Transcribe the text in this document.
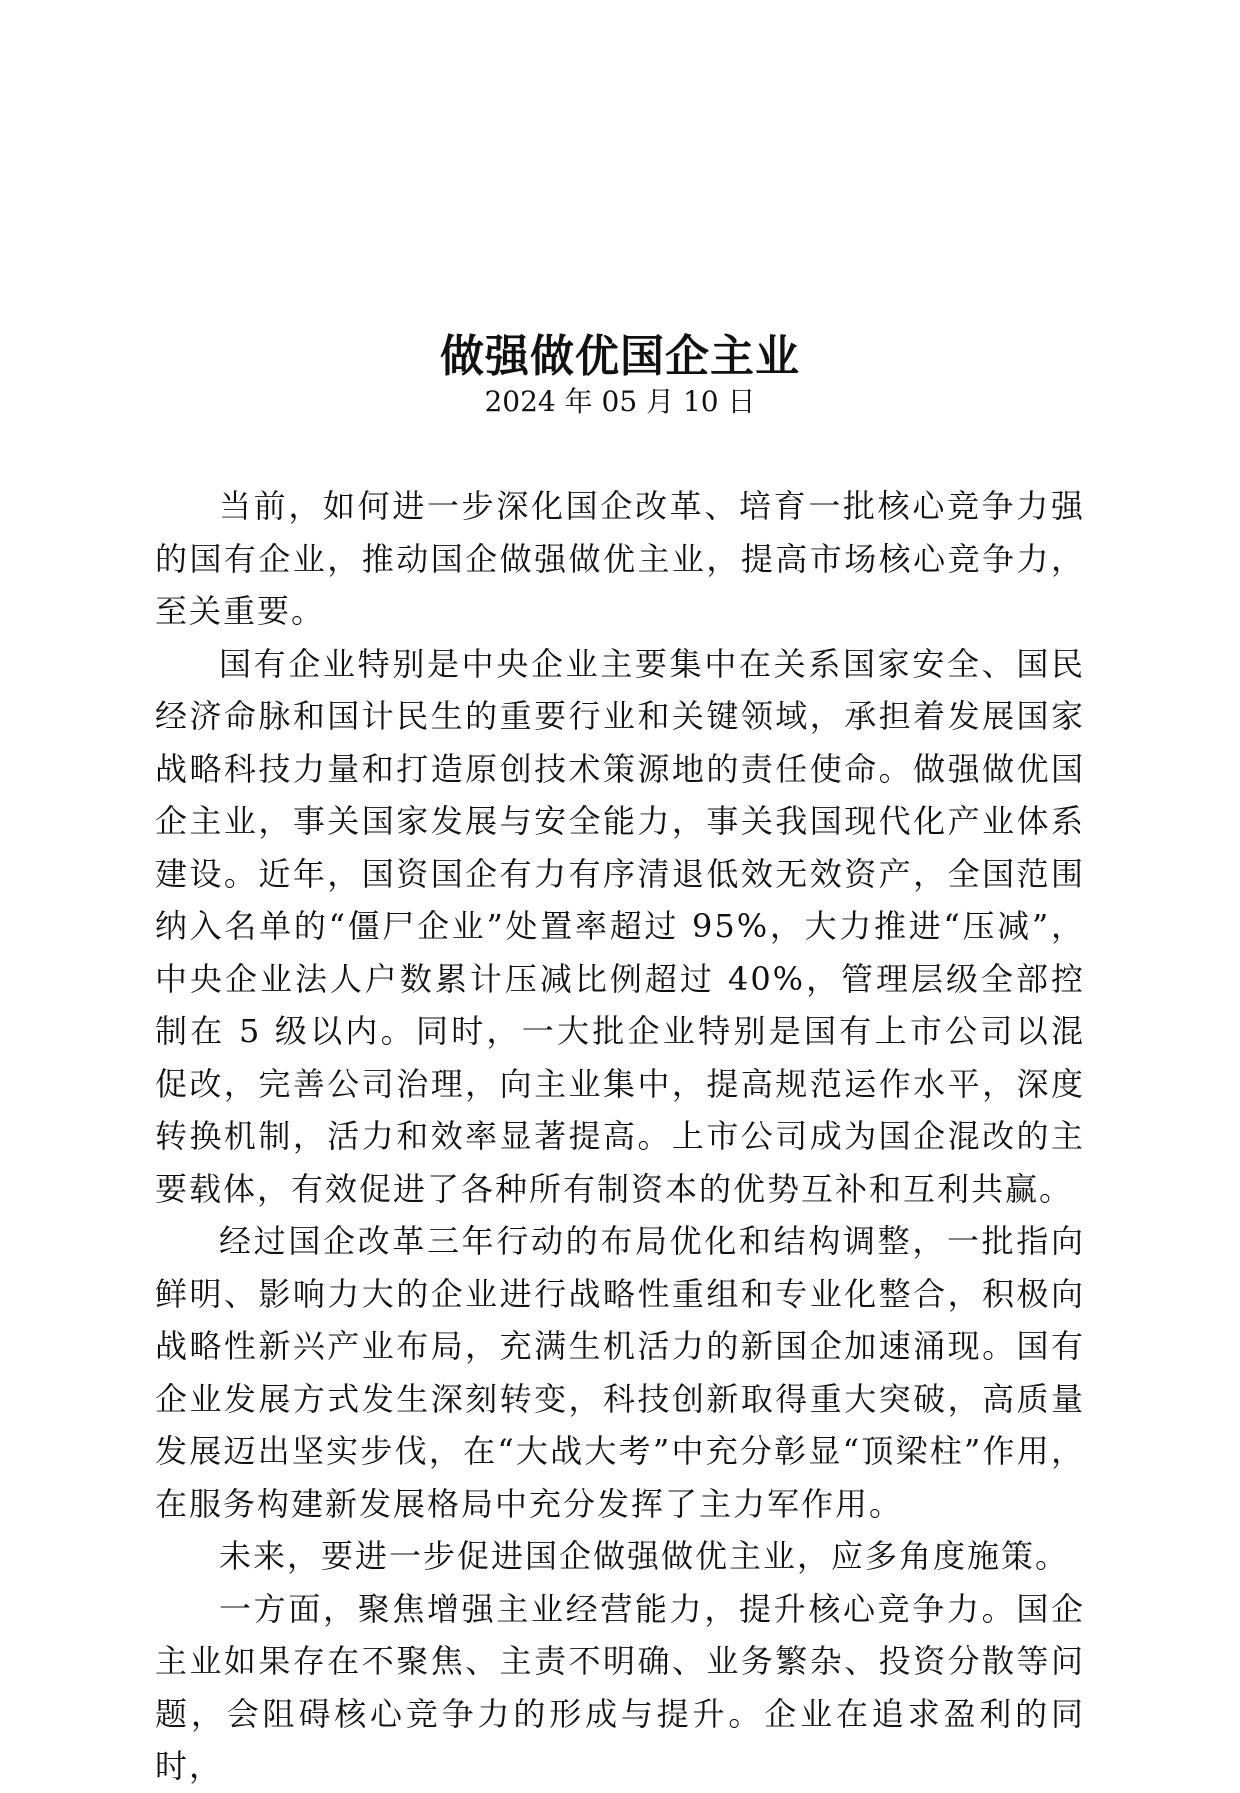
做强做优国企主业
2024 年 05 月 10 日

当前，如何进一步深化国企改革、培育一批核心竞争力强的国有企业，推动国企做强做优主业，提高市场核心竞争力，至关重要。

国有企业特别是中央企业主要集中在关系国家安全、国民经济命脉和国计民生的重要行业和关键领域，承担着发展国家战略科技力量和打造原创技术策源地的责任使命。做强做优国企主业，事关国家发展与安全能力，事关我国现代化产业体系建设。近年，国资国企有力有序清退低效无效资产，全国范围纳入名单的“僵尸企业”处置率超过 95%，大力推进“压减”，中央企业法人户数累计压减比例超过 40%，管理层级全部控制在 5 级以内。同时，一大批企业特别是国有上市公司以混促改，完善公司治理，向主业集中，提高规范运作水平，深度转换机制，活力和效率显著提高。上市公司成为国企混改的主要载体，有效促进了各种所有制资本的优势互补和互利共赢。

经过国企改革三年行动的布局优化和结构调整，一批指向鲜明、影响力大的企业进行战略性重组和专业化整合，积极向战略性新兴产业布局，充满生机活力的新国企加速涌现。国有企业发展方式发生深刻转变，科技创新取得重大突破，高质量发展迈出坚实步伐，在“大战大考”中充分彰显“顶梁柱”作用，在服务构建新发展格局中充分发挥了主力军作用。

未来，要进一步促进国企做强做优主业，应多角度施策。

一方面，聚焦增强主业经营能力，提升核心竞争力。国企主业如果存在不聚焦、主责不明确、业务繁杂、投资分散等问题，会阻碍核心竞争力的形成与提升。企业在追求盈利的同时，
